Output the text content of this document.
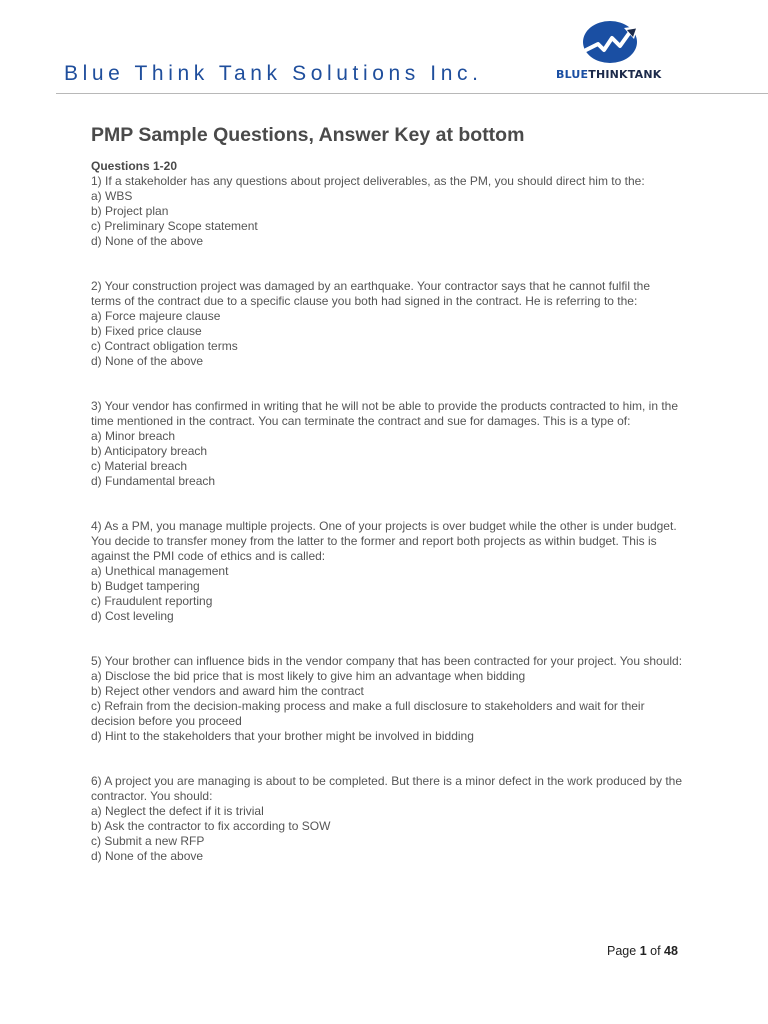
Blue Think Tank Solutions Inc.	BLUETHINKTANK
PMP Sample Questions, Answer Key at bottom
Questions 1-20
1) If a stakeholder has any questions about project deliverables, as the PM, you should direct him to the:
a) WBS
b) Project plan
c) Preliminary Scope statement
d) None of the above
2) Your construction project was damaged by an earthquake. Your contractor says that he cannot fulfil the terms of the contract due to a specific clause you both had signed in the contract. He is referring to the:
a) Force majeure clause
b) Fixed price clause
c) Contract obligation terms
d) None of the above
3) Your vendor has confirmed in writing that he will not be able to provide the products contracted to him, in the time mentioned in the contract. You can terminate the contract and sue for damages. This is a type of:
a) Minor breach
b) Anticipatory breach
c) Material breach
d) Fundamental breach
4) As a PM, you manage multiple projects. One of your projects is over budget while the other is under budget. You decide to transfer money from the latter to the former and report both projects as within budget. This is against the PMI code of ethics and is called:
a) Unethical management
b) Budget tampering
c) Fraudulent reporting
d) Cost leveling
5) Your brother can influence bids in the vendor company that has been contracted for your project. You should:
a) Disclose the bid price that is most likely to give him an advantage when bidding
b) Reject other vendors and award him the contract
c) Refrain from the decision-making process and make a full disclosure to stakeholders and wait for their decision before you proceed
d) Hint to the stakeholders that your brother might be involved in bidding
6) A project you are managing is about to be completed. But there is a minor defect in the work produced by the contractor. You should:
a) Neglect the defect if it is trivial
b) Ask the contractor to fix according to SOW
c) Submit a new RFP
d) None of the above
Page 1 of 48
